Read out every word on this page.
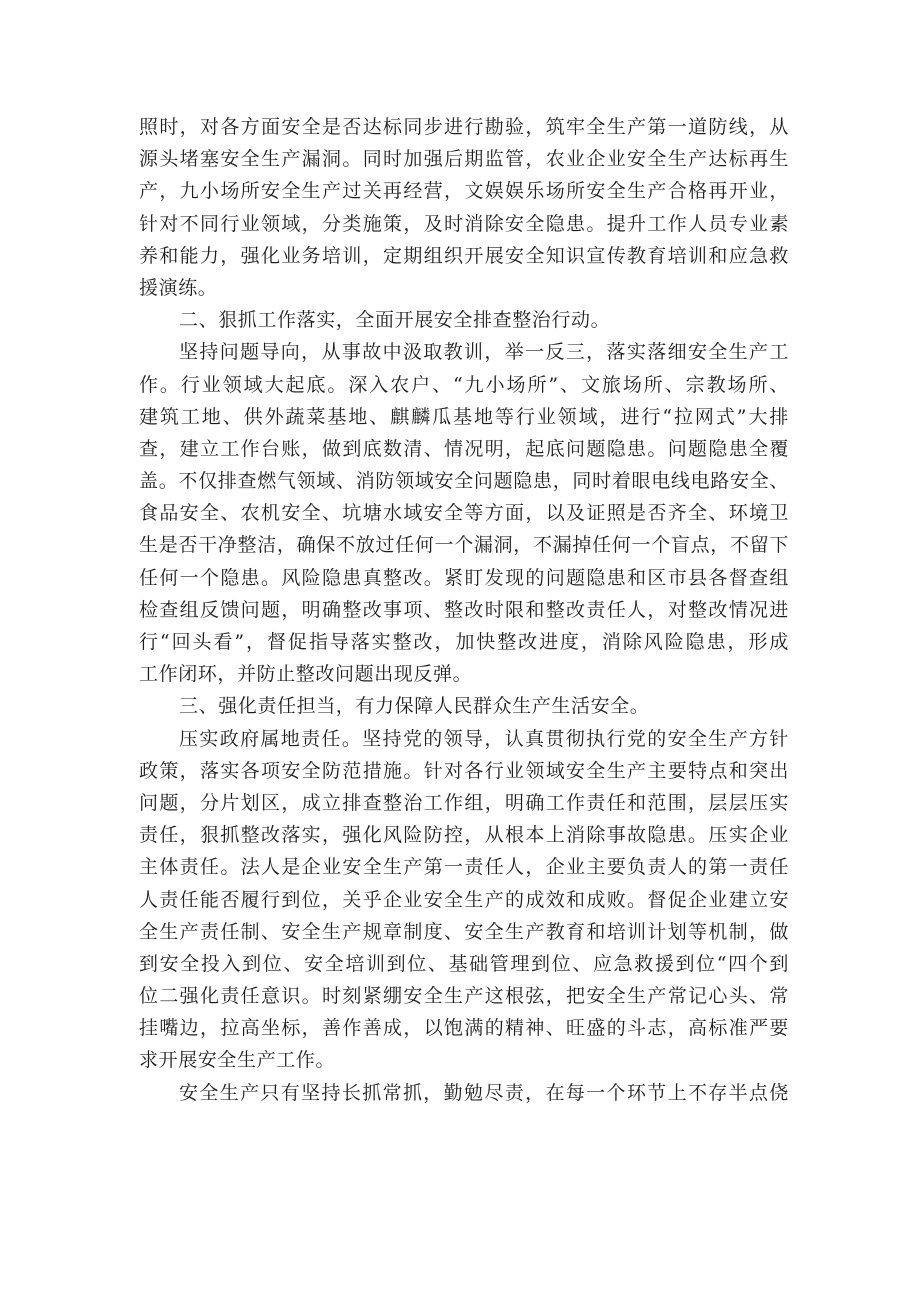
照时，对各方面安全是否达标同步进行勘验，筑牢全生产第一道防线，从
源头堵塞安全生产漏洞。同时加强后期监管，农业企业安全生产达标再生
产，九小场所安全生产过关再经营，文娱娱乐场所安全生产合格再开业，
针对不同行业领域，分类施策，及时消除安全隐患。提升工作人员专业素
养和能力，强化业务培训，定期组织开展安全知识宣传教育培训和应急救
援演练。
二、狠抓工作落实，全面开展安全排查整治行动。
坚持问题导向，从事故中汲取教训，举一反三，落实落细安全生产工
作。行业领域大起底。深入农户、“九小场所”、文旅场所、宗教场所、
建筑工地、供外蔬菜基地、麒麟瓜基地等行业领域，进行“拉网式”大排
查，建立工作台账，做到底数清、情况明，起底问题隐患。问题隐患全覆
盖。不仅排查燃气领域、消防领域安全问题隐患，同时着眼电线电路安全、
食品安全、农机安全、坑塘水域安全等方面，以及证照是否齐全、环境卫
生是否干净整洁，确保不放过任何一个漏洞，不漏掉任何一个盲点，不留下
任何一个隐患。风险隐患真整改。紧盯发现的问题隐患和区市县各督查组
检查组反馈问题，明确整改事项、整改时限和整改责任人，对整改情况进
行“回头看”，督促指导落实整改，加快整改进度，消除风险隐患，形成
工作闭环，并防止整改问题出现反弹。
三、强化责任担当，有力保障人民群众生产生活安全。
压实政府属地责任。坚持党的领导，认真贯彻执行党的安全生产方针
政策，落实各项安全防范措施。针对各行业领域安全生产主要特点和突出
问题，分片划区，成立排查整治工作组，明确工作责任和范围，层层压实
责任，狠抓整改落实，强化风险防控，从根本上消除事故隐患。压实企业
主体责任。法人是企业安全生产第一责任人，企业主要负责人的第一责任
人责任能否履行到位，关乎企业安全生产的成效和成败。督促企业建立安
全生产责任制、安全生产规章制度、安全生产教育和培训计划等机制，做
到安全投入到位、安全培训到位、基础管理到位、应急救援到位“四个到
位二强化责任意识。时刻紧绷安全生产这根弦，把安全生产常记心头、常
挂嘴边，拉高坐标，善作善成，以饱满的精神、旺盛的斗志，高标准严要
求开展安全生产工作。
安全生产只有坚持长抓常抓，勤勉尽责，在每一个环节上不存半点侥
